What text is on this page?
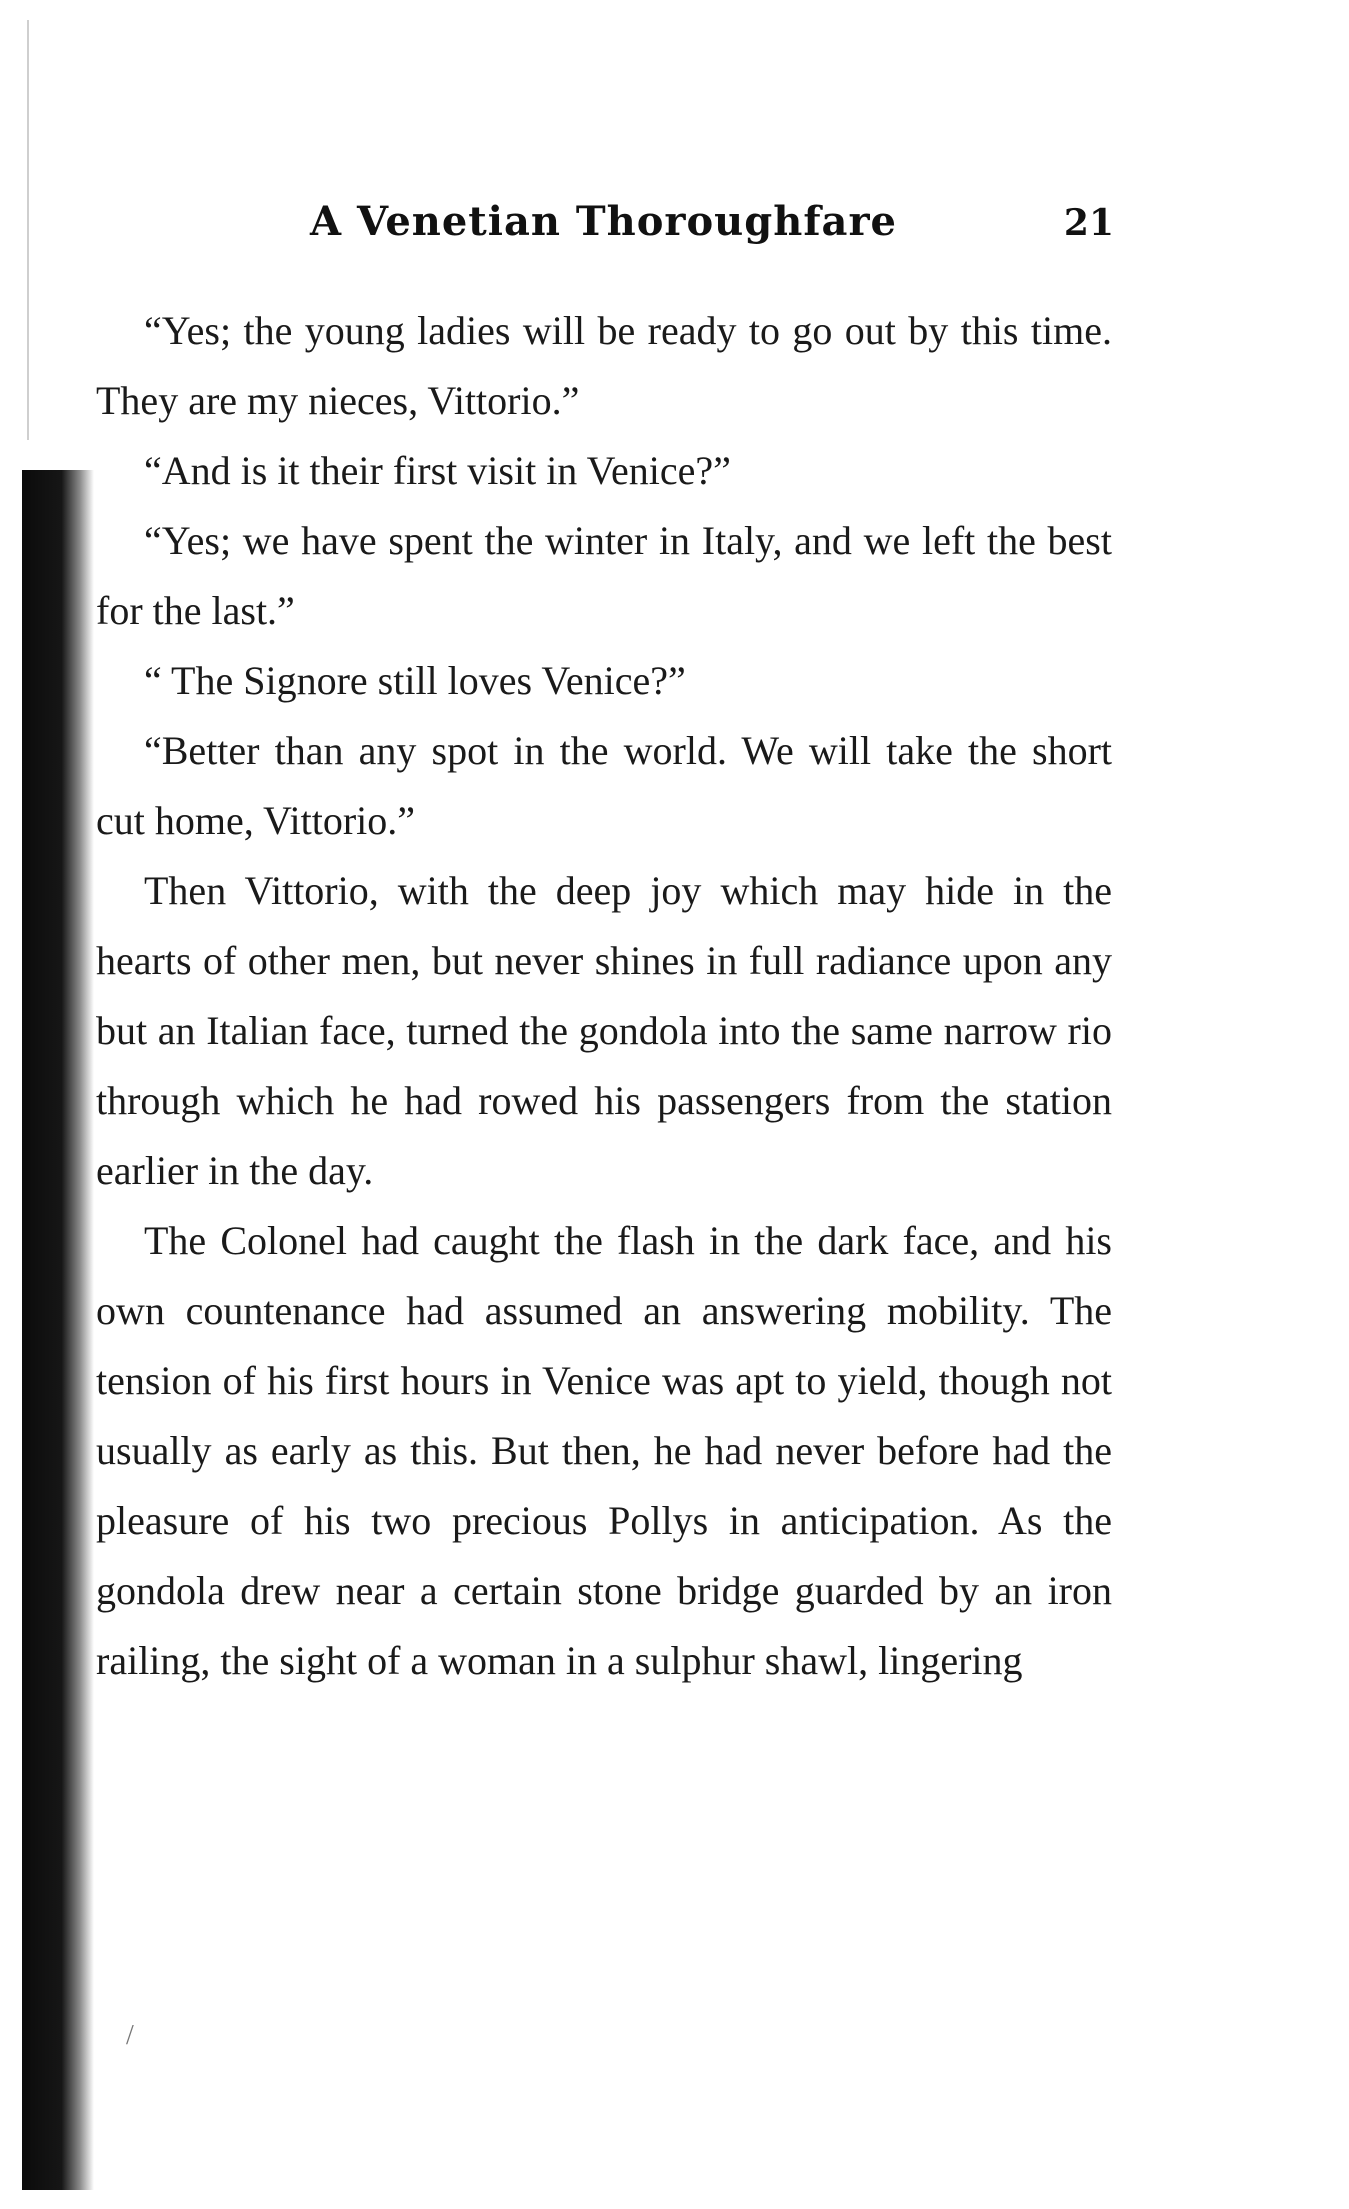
A Venetian Thoroughfare	21

“Yes; the young ladies will be ready to go out by this time. They are my nieces, Vittorio.”

“And is it their first visit in Venice?”

“Yes; we have spent the winter in Italy, and we left the best for the last.”

“ The Signore still loves Venice?”

“Better than any spot in the world. We will take the short cut home, Vittorio.”

Then Vittorio, with the deep joy which may hide in the hearts of other men, but never shines in full radiance upon any but an Italian face, turned the gondola into the same narrow rio through which he had rowed his passengers from the station earlier in the day.

The Colonel had caught the flash in the dark face, and his own countenance had assumed an answering mobility. The tension of his first hours in Venice was apt to yield, though not usually as early as this. But then, he had never before had the pleasure of his two precious Pollys in anticipation. As the gondola drew near a certain stone bridge guarded by an iron railing, the sight of a woman in a sulphur shawl, lingering

/
